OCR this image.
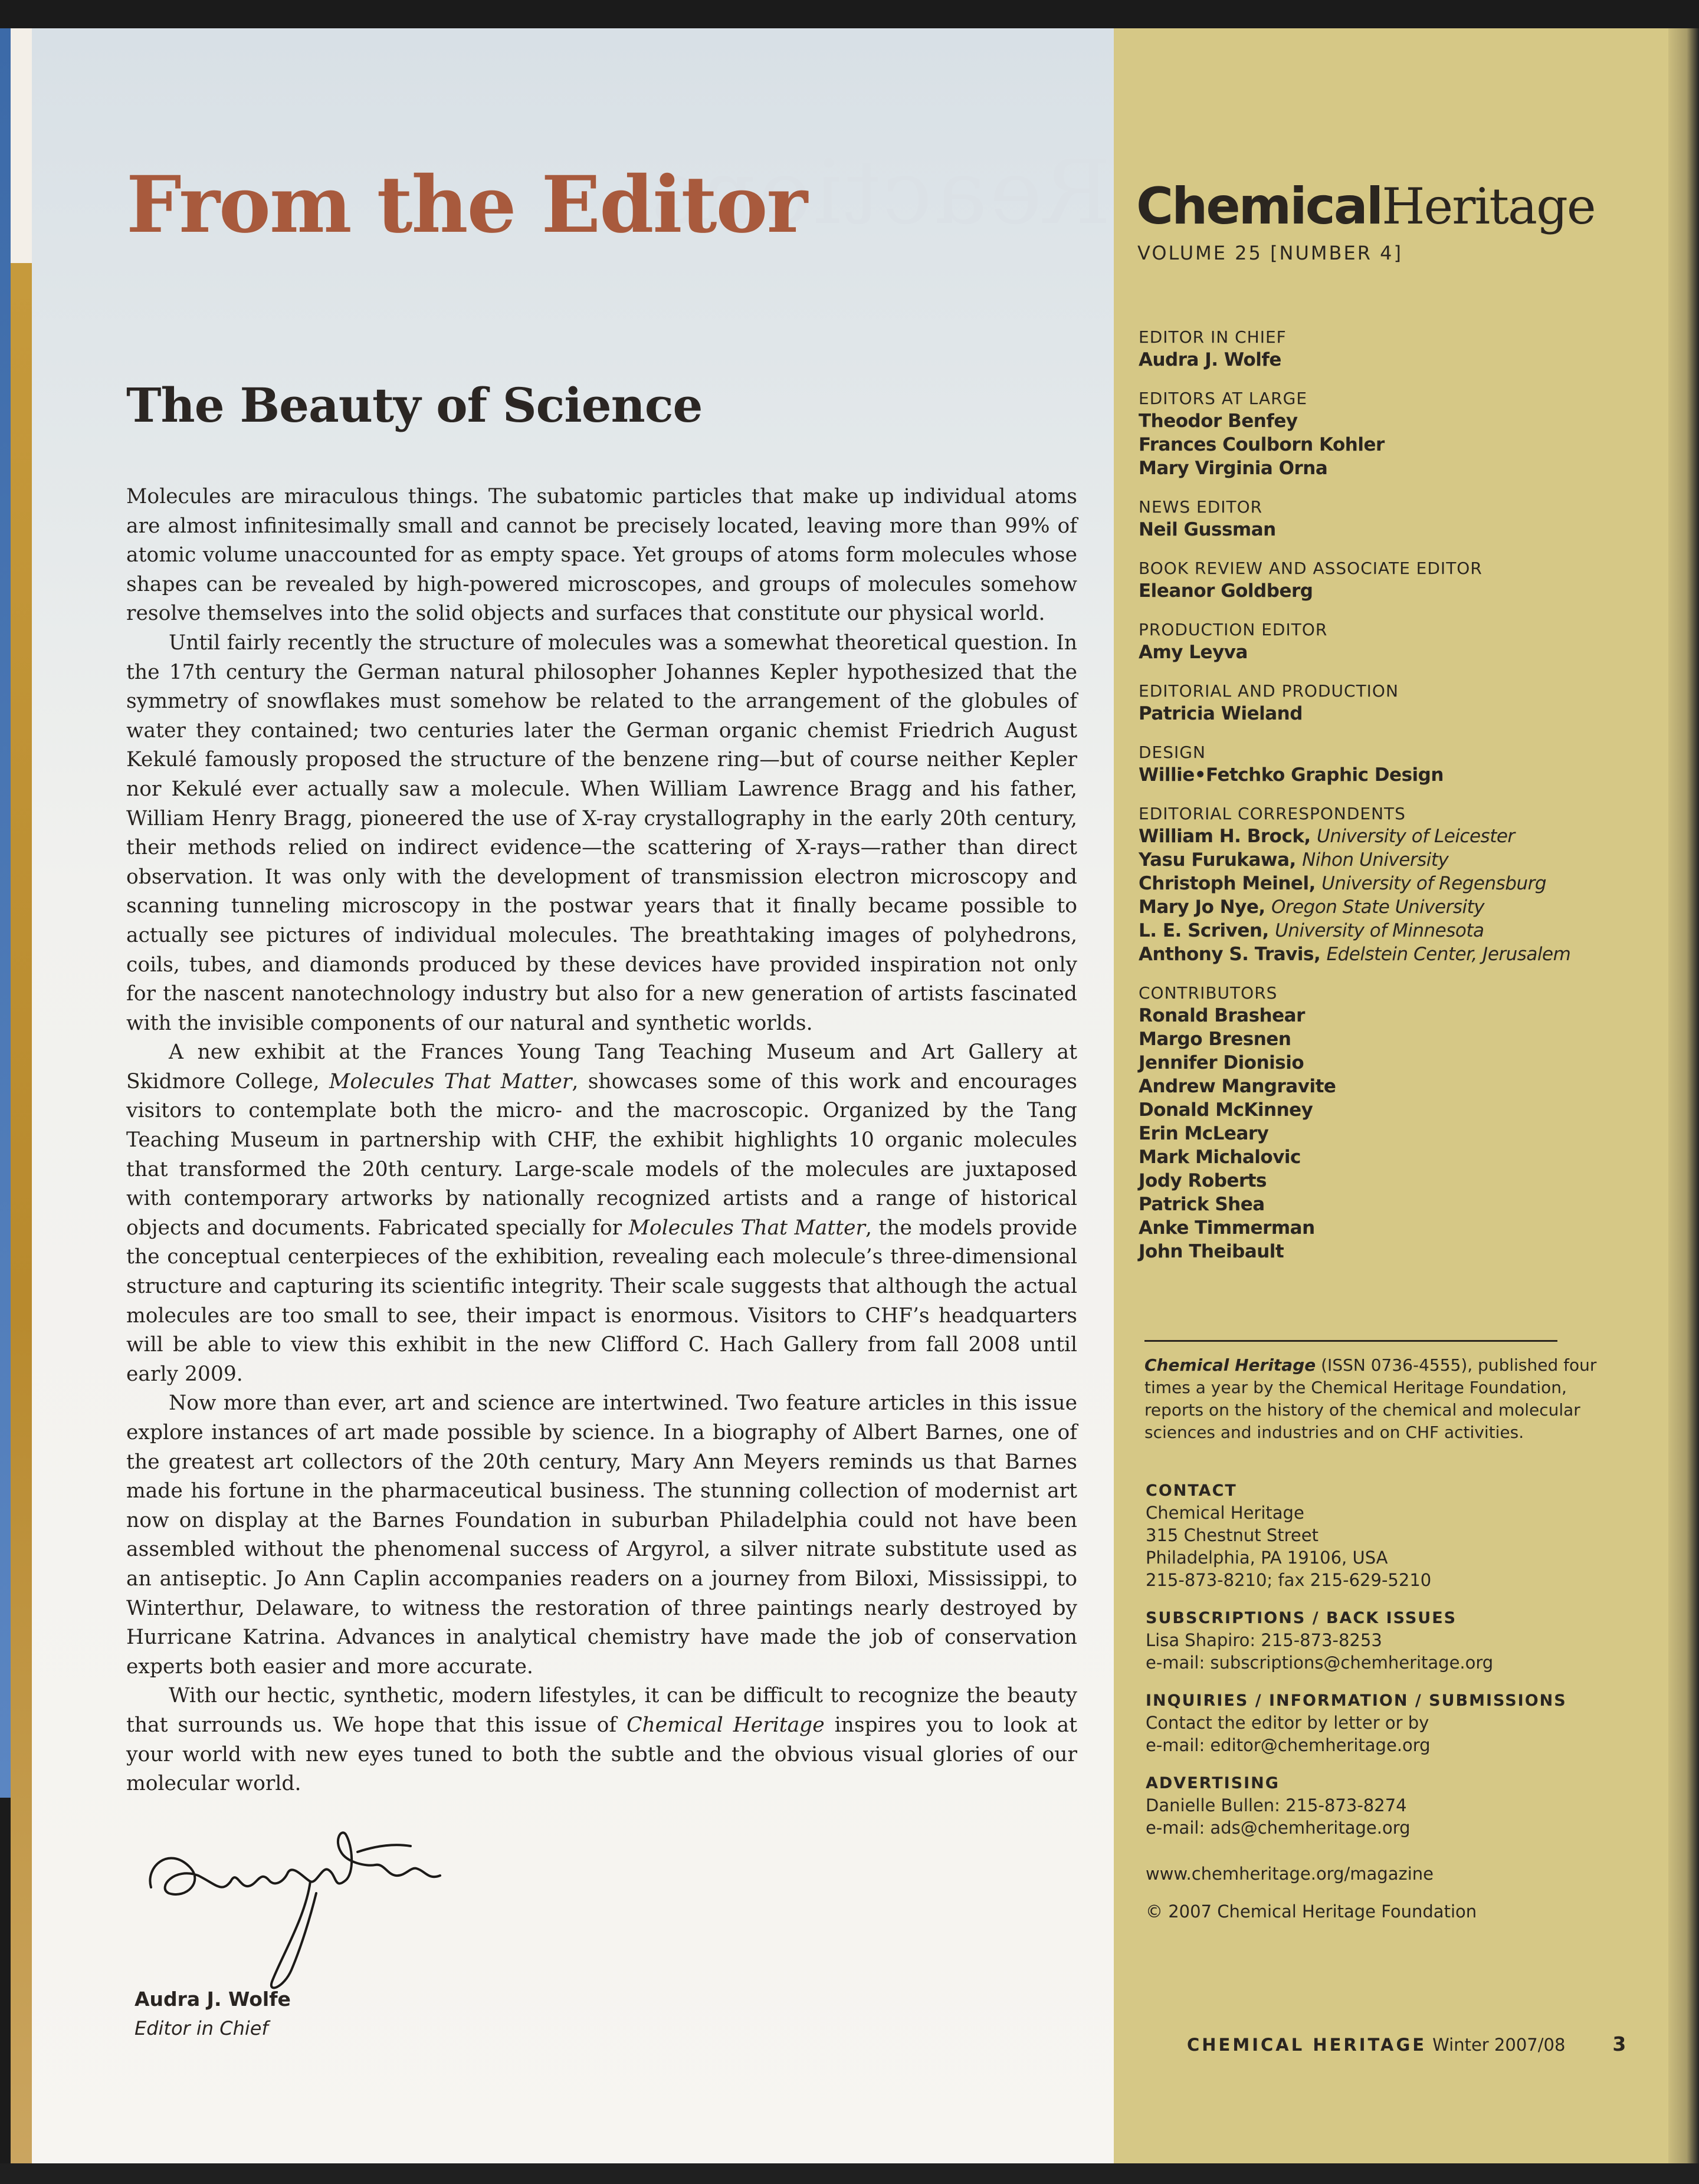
Reactions
From the Editor
The Beauty of Science

Molecules are miraculous things. The subatomic particles that make up individual atoms are almost infinitesimally small and cannot be precisely located, leaving more than 99% of atomic volume unaccounted for as empty space. Yet groups of atoms form molecules whose shapes can be revealed by high-powered microscopes, and groups of molecules somehow resolve themselves into the solid objects and surfaces that constitute our physical world.

Until fairly recently the structure of molecules was a somewhat theoretical question. In the 17th century the German natural philosopher Johannes Kepler hypothesized that the symmetry of snowflakes must somehow be related to the arrangement of the globules of water they contained; two centuries later the German organic chemist Friedrich August Kekulé famously proposed the structure of the benzene ring—but of course neither Kepler nor Kekulé ever actually saw a molecule. When William Lawrence Bragg and his father, William Henry Bragg, pioneered the use of X-ray crystallography in the early 20th century, their methods relied on indirect evidence—the scattering of X-rays—rather than direct observation. It was only with the development of transmission electron microscopy and scanning tunneling microscopy in the postwar years that it finally became possible to actually see pictures of individual molecules. The breathtaking images of polyhedrons, coils, tubes, and diamonds produced by these devices have provided inspiration not only for the nascent nanotechnology industry but also for a new generation of artists fascinated with the invisible components of our natural and synthetic worlds.

A new exhibit at the Frances Young Tang Teaching Museum and Art Gallery at Skidmore College, Molecules That Matter, showcases some of this work and encourages visitors to contemplate both the micro- and the macroscopic. Organized by the Tang Teaching Museum in partnership with CHF, the exhibit highlights 10 organic molecules that transformed the 20th century. Large-scale models of the molecules are juxtaposed with contemporary artworks by nationally recognized artists and a range of historical objects and documents. Fabricated specially for Molecules That Matter, the models provide the conceptual centerpieces of the exhibition, revealing each molecule’s three-dimensional structure and capturing its scientific integrity. Their scale suggests that although the actual molecules are too small to see, their impact is enormous. Visitors to CHF’s headquarters will be able to view this exhibit in the new Clifford C. Hach Gallery from fall 2008 until early 2009.

Now more than ever, art and science are intertwined. Two feature articles in this issue explore instances of art made possible by science. In a biography of Albert Barnes, one of the greatest art collectors of the 20th century, Mary Ann Meyers reminds us that Barnes made his fortune in the pharmaceutical business. The stunning collection of modernist art now on display at the Barnes Foundation in suburban Philadelphia could not have been assembled without the phenomenal success of Argyrol, a silver nitrate substitute used as an antiseptic. Jo Ann Caplin accompanies readers on a journey from Biloxi, Mississippi, to Winterthur, Delaware, to witness the restoration of three paintings nearly destroyed by Hurricane Katrina. Advances in analytical chemistry have made the job of conservation experts both easier and more accurate.

With our hectic, synthetic, modern lifestyles, it can be difficult to recognize the beauty that surrounds us. We hope that this issue of Chemical Heritage inspires you to look at your world with new eyes tuned to both the subtle and the obvious visual glories of our molecular world.

Audra J. Wolfe
Editor in Chief
ChemicalHeritage
VOLUME 25 [NUMBER 4]
EDITOR IN CHIEF
Audra J. Wolfe
EDITORS AT LARGE
Theodor Benfey
Frances Coulborn Kohler
Mary Virginia Orna
NEWS EDITOR
Neil Gussman
BOOK REVIEW AND ASSOCIATE EDITOR
Eleanor Goldberg
PRODUCTION EDITOR
Amy Leyva
EDITORIAL AND PRODUCTION
Patricia Wieland
DESIGN
Willie•Fetchko Graphic Design
EDITORIAL CORRESPONDENTS
William H. Brock, University of Leicester
Yasu Furukawa, Nihon University
Christoph Meinel, University of Regensburg
Mary Jo Nye, Oregon State University
L. E. Scriven, University of Minnesota
Anthony S. Travis, Edelstein Center, Jerusalem
CONTRIBUTORS
Ronald Brashear
Margo Bresnen
Jennifer Dionisio
Andrew Mangravite
Donald McKinney
Erin McLeary
Mark Michalovic
Jody Roberts
Patrick Shea
Anke Timmerman
John Theibault
Chemical Heritage (ISSN 0736-4555), published four times a year by the Chemical Heritage Foundation, reports on the history of the chemical and molecular sciences and industries and on CHF activities.
CONTACT
Chemical Heritage
315 Chestnut Street
Philadelphia, PA 19106, USA
215-873-8210; fax 215-629-5210
SUBSCRIPTIONS / BACK ISSUES
Lisa Shapiro: 215-873-8253
e-mail: subscriptions@chemheritage.org
INQUIRIES / INFORMATION / SUBMISSIONS
Contact the editor by letter or by
e-mail: editor@chemheritage.org
ADVERTISING
Danielle Bullen: 215-873-8274
e-mail: ads@chemheritage.org
www.chemheritage.org/magazine
© 2007 Chemical Heritage Foundation
CHEMICAL HERITAGE Winter 2007/08 3
